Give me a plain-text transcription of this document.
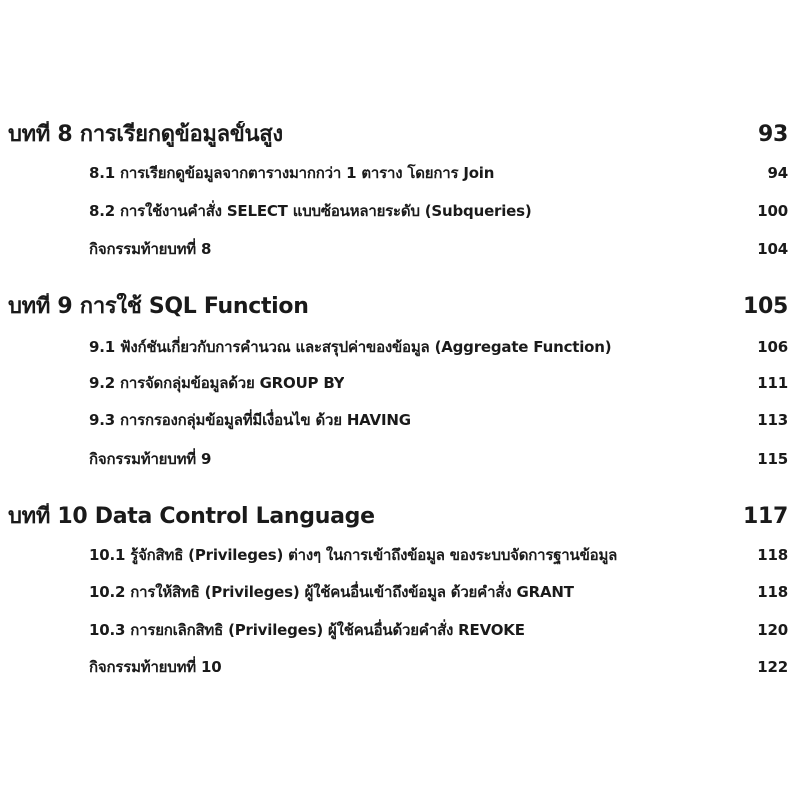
บทที่ 8 การเรียกดูข้อมูลขั้นสูง	93
8.1 การเรียกดูข้อมูลจากตารางมากกว่า 1 ตาราง โดยการ Join	94
8.2 การใช้งานคำสั่ง SELECT แบบซ้อนหลายระดับ (Subqueries)	100
กิจกรรมท้ายบทที่ 8	104
บทที่ 9 การใช้ SQL Function	105
9.1 ฟังก์ชันเกี่ยวกับการคำนวณ และสรุปค่าของข้อมูล (Aggregate Function)	106
9.2 การจัดกลุ่มข้อมูลด้วย GROUP BY	111
9.3 การกรองกลุ่มข้อมูลที่มีเงื่อนไข ด้วย HAVING	113
กิจกรรมท้ายบทที่ 9	115
บทที่ 10 Data Control Language	117
10.1 รู้จักสิทธิ (Privileges) ต่างๆ ในการเข้าถึงข้อมูล ของระบบจัดการฐานข้อมูล	118
10.2 การให้สิทธิ (Privileges) ผู้ใช้คนอื่นเข้าถึงข้อมูล ด้วยคำสั่ง GRANT	118
10.3 การยกเลิกสิทธิ (Privileges) ผู้ใช้คนอื่นด้วยคำสั่ง REVOKE	120
กิจกรรมท้ายบทที่ 10	122
